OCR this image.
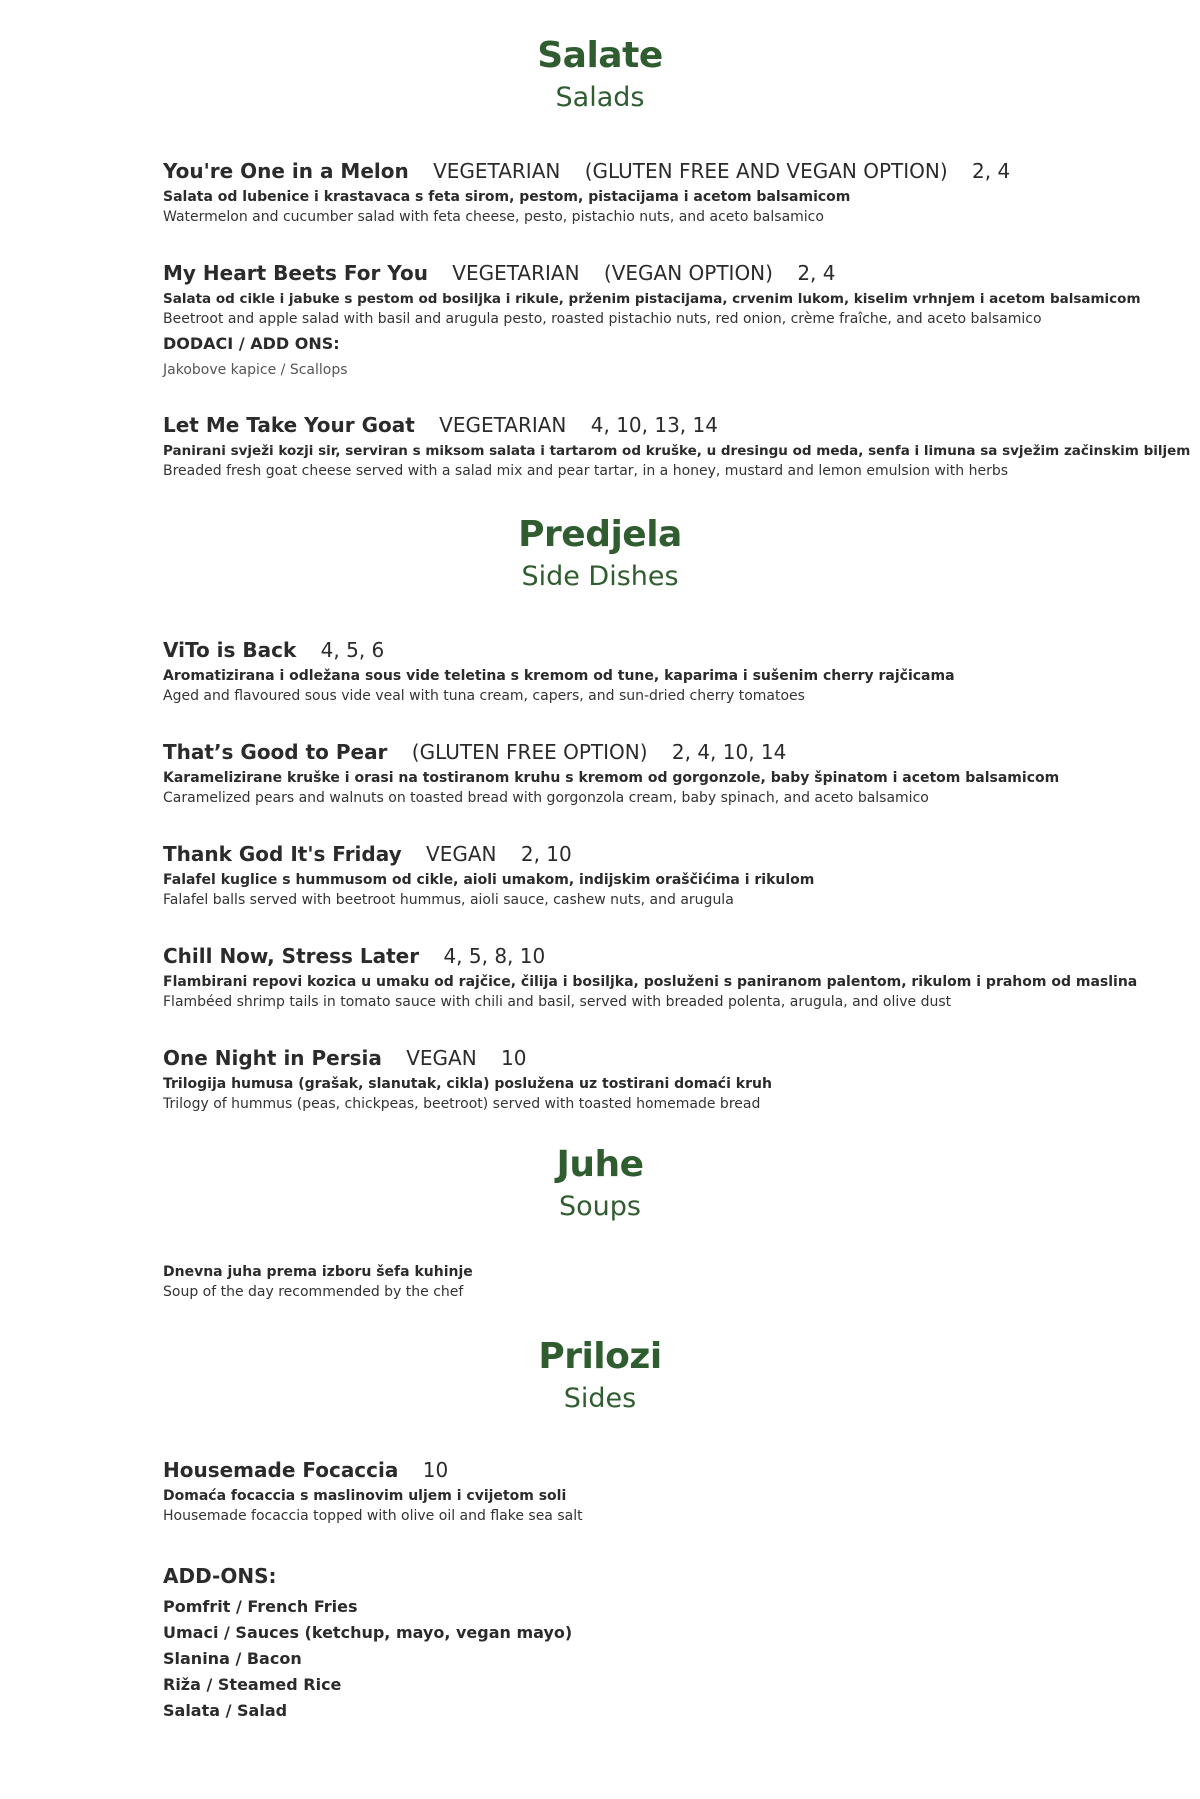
Salate
Salads
You're One in a Melon VEGETARIAN (GLUTEN FREE AND VEGAN OPTION) 2, 4
Salata od lubenice i krastavaca s feta sirom, pestom, pistacijama i acetom balsamicom
Watermelon and cucumber salad with feta cheese, pesto, pistachio nuts, and aceto balsamico
My Heart Beets For You VEGETARIAN (VEGAN OPTION) 2, 4
Salata od cikle i jabuke s pestom od bosiljka i rikule, prženim pistacijama, crvenim lukom, kiselim vrhnjem i acetom balsamicom
Beetroot and apple salad with basil and arugula pesto, roasted pistachio nuts, red onion, crème fraîche, and aceto balsamico
DODACI / ADD ONS:
Jakobove kapice / Scallops
Let Me Take Your Goat VEGETARIAN 4, 10, 13, 14
Panirani svježi kozji sir, serviran s miksom salata i tartarom od kruške, u dresingu od meda, senfa i limuna sa svježim začinskim biljem
Breaded fresh goat cheese served with a salad mix and pear tartar, in a honey, mustard and lemon emulsion with herbs
Predjela
Side Dishes
ViTo is Back 4, 5, 6
Aromatizirana i odležana sous vide teletina s kremom od tune, kaparima i sušenim cherry rajčicama
Aged and flavoured sous vide veal with tuna cream, capers, and sun-dried cherry tomatoes
That’s Good to Pear (GLUTEN FREE OPTION) 2, 4, 10, 14
Karamelizirane kruške i orasi na tostiranom kruhu s kremom od gorgonzole, baby špinatom i acetom balsamicom
Caramelized pears and walnuts on toasted bread with gorgonzola cream, baby spinach, and aceto balsamico
Thank God It's Friday VEGAN 2, 10
Falafel kuglice s hummusom od cikle, aioli umakom, indijskim oraščićima i rikulom
Falafel balls served with beetroot hummus, aioli sauce, cashew nuts, and arugula
Chill Now, Stress Later 4, 5, 8, 10
Flambirani repovi kozica u umaku od rajčice, čilija i bosiljka, posluženi s paniranom palentom, rikulom i prahom od maslina
Flambéed shrimp tails in tomato sauce with chili and basil, served with breaded polenta, arugula, and olive dust
One Night in Persia VEGAN 10
Trilogija humusa (grašak, slanutak, cikla) poslužena uz tostirani domaći kruh
Trilogy of hummus (peas, chickpeas, beetroot) served with toasted homemade bread
Juhe
Soups
Dnevna juha prema izboru šefa kuhinje
Soup of the day recommended by the chef
Prilozi
Sides
Housemade Focaccia 10
Domaća focaccia s maslinovim uljem i cvijetom soli
Housemade focaccia topped with olive oil and flake sea salt
ADD-ONS:
Pomfrit / French Fries
Umaci / Sauces (ketchup, mayo, vegan mayo)
Slanina / Bacon
Riža / Steamed Rice
Salata / Salad
